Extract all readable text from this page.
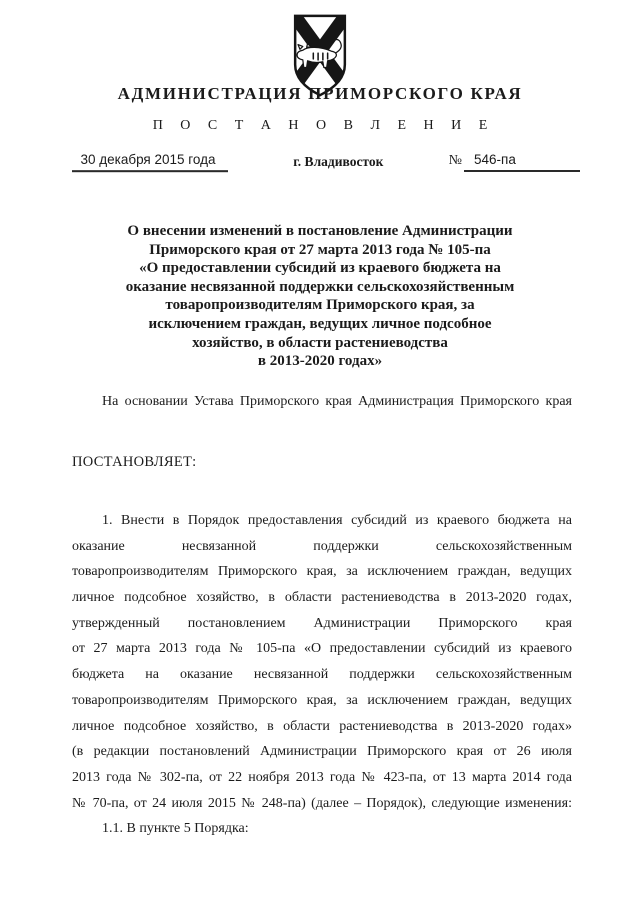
АДМИНИСТРАЦИЯ ПРИМОРСКОГО КРАЯ
П О С Т А Н О В Л Е Н И Е
30 декабря 2015 года	г. Владивосток	№ 546-па
О внесении изменений в постановление Администрации
Приморского края от 27 марта 2013 года № 105-па
«О предоставлении субсидий из краевого бюджета на
оказание несвязанной поддержки сельскохозяйственным
товаропроизводителям Приморского края, за
исключением граждан, ведущих личное подсобное
хозяйство, в области растениеводства
в 2013-2020 годах»
На основании Устава Приморского края Администрация Приморского края
ПОСТАНОВЛЯЕТ:
1. Внести в Порядок предоставления субсидий из краевого бюджета на
оказание несвязанной поддержки сельскохозяйственным
товаропроизводителям Приморского края, за исключением граждан, ведущих
личное подсобное хозяйство, в области растениеводства в 2013-2020 годах,
утвержденный постановлением Администрации Приморского края
от 27 марта 2013 года № 105-па «О предоставлении субсидий из краевого
бюджета на оказание несвязанной поддержки сельскохозяйственным
товаропроизводителям Приморского края, за исключением граждан, ведущих
личное подсобное хозяйство, в области растениеводства в 2013-2020 годах»
(в редакции постановлений Администрации Приморского края от 26 июля
2013 года № 302-па, от 22 ноября 2013 года № 423-па, от 13 марта 2014 года
№ 70-па, от 24 июля 2015 № 248-па) (далее – Порядок), следующие изменения:
1.1. В пункте 5 Порядка:
